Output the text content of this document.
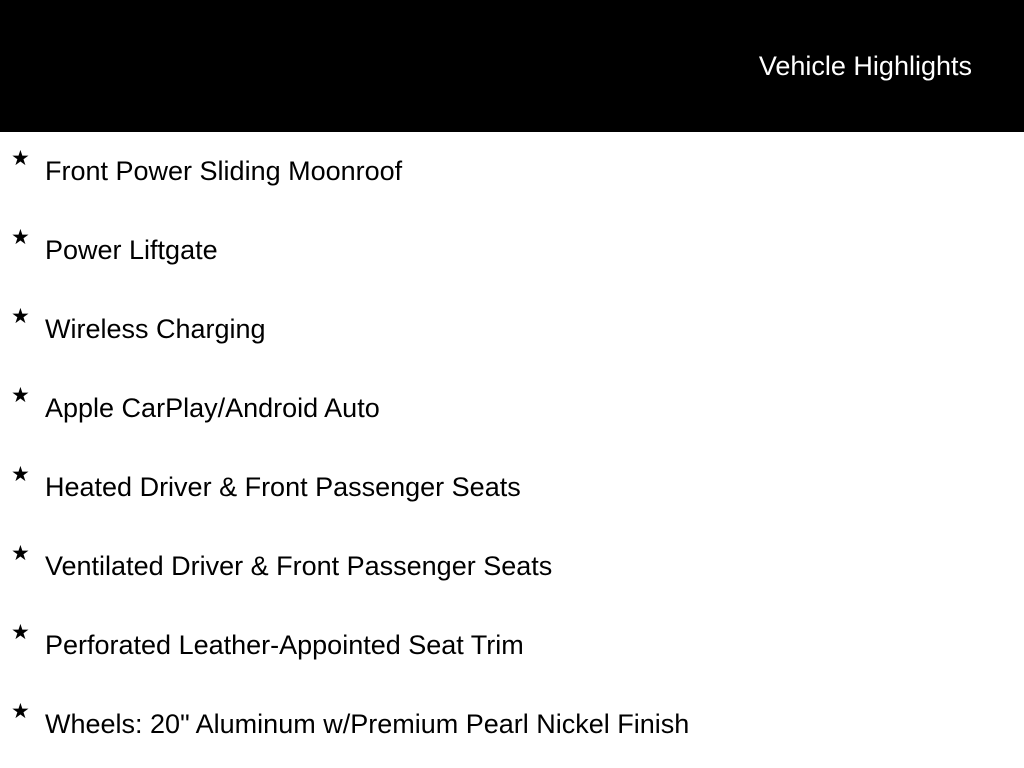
Vehicle Highlights
★ Front Power Sliding Moonroof
★ Power Liftgate
★ Wireless Charging
★ Apple CarPlay/Android Auto
★ Heated Driver & Front Passenger Seats
★ Ventilated Driver & Front Passenger Seats
★ Perforated Leather-Appointed Seat Trim
★ Wheels: 20" Aluminum w/Premium Pearl Nickel Finish
